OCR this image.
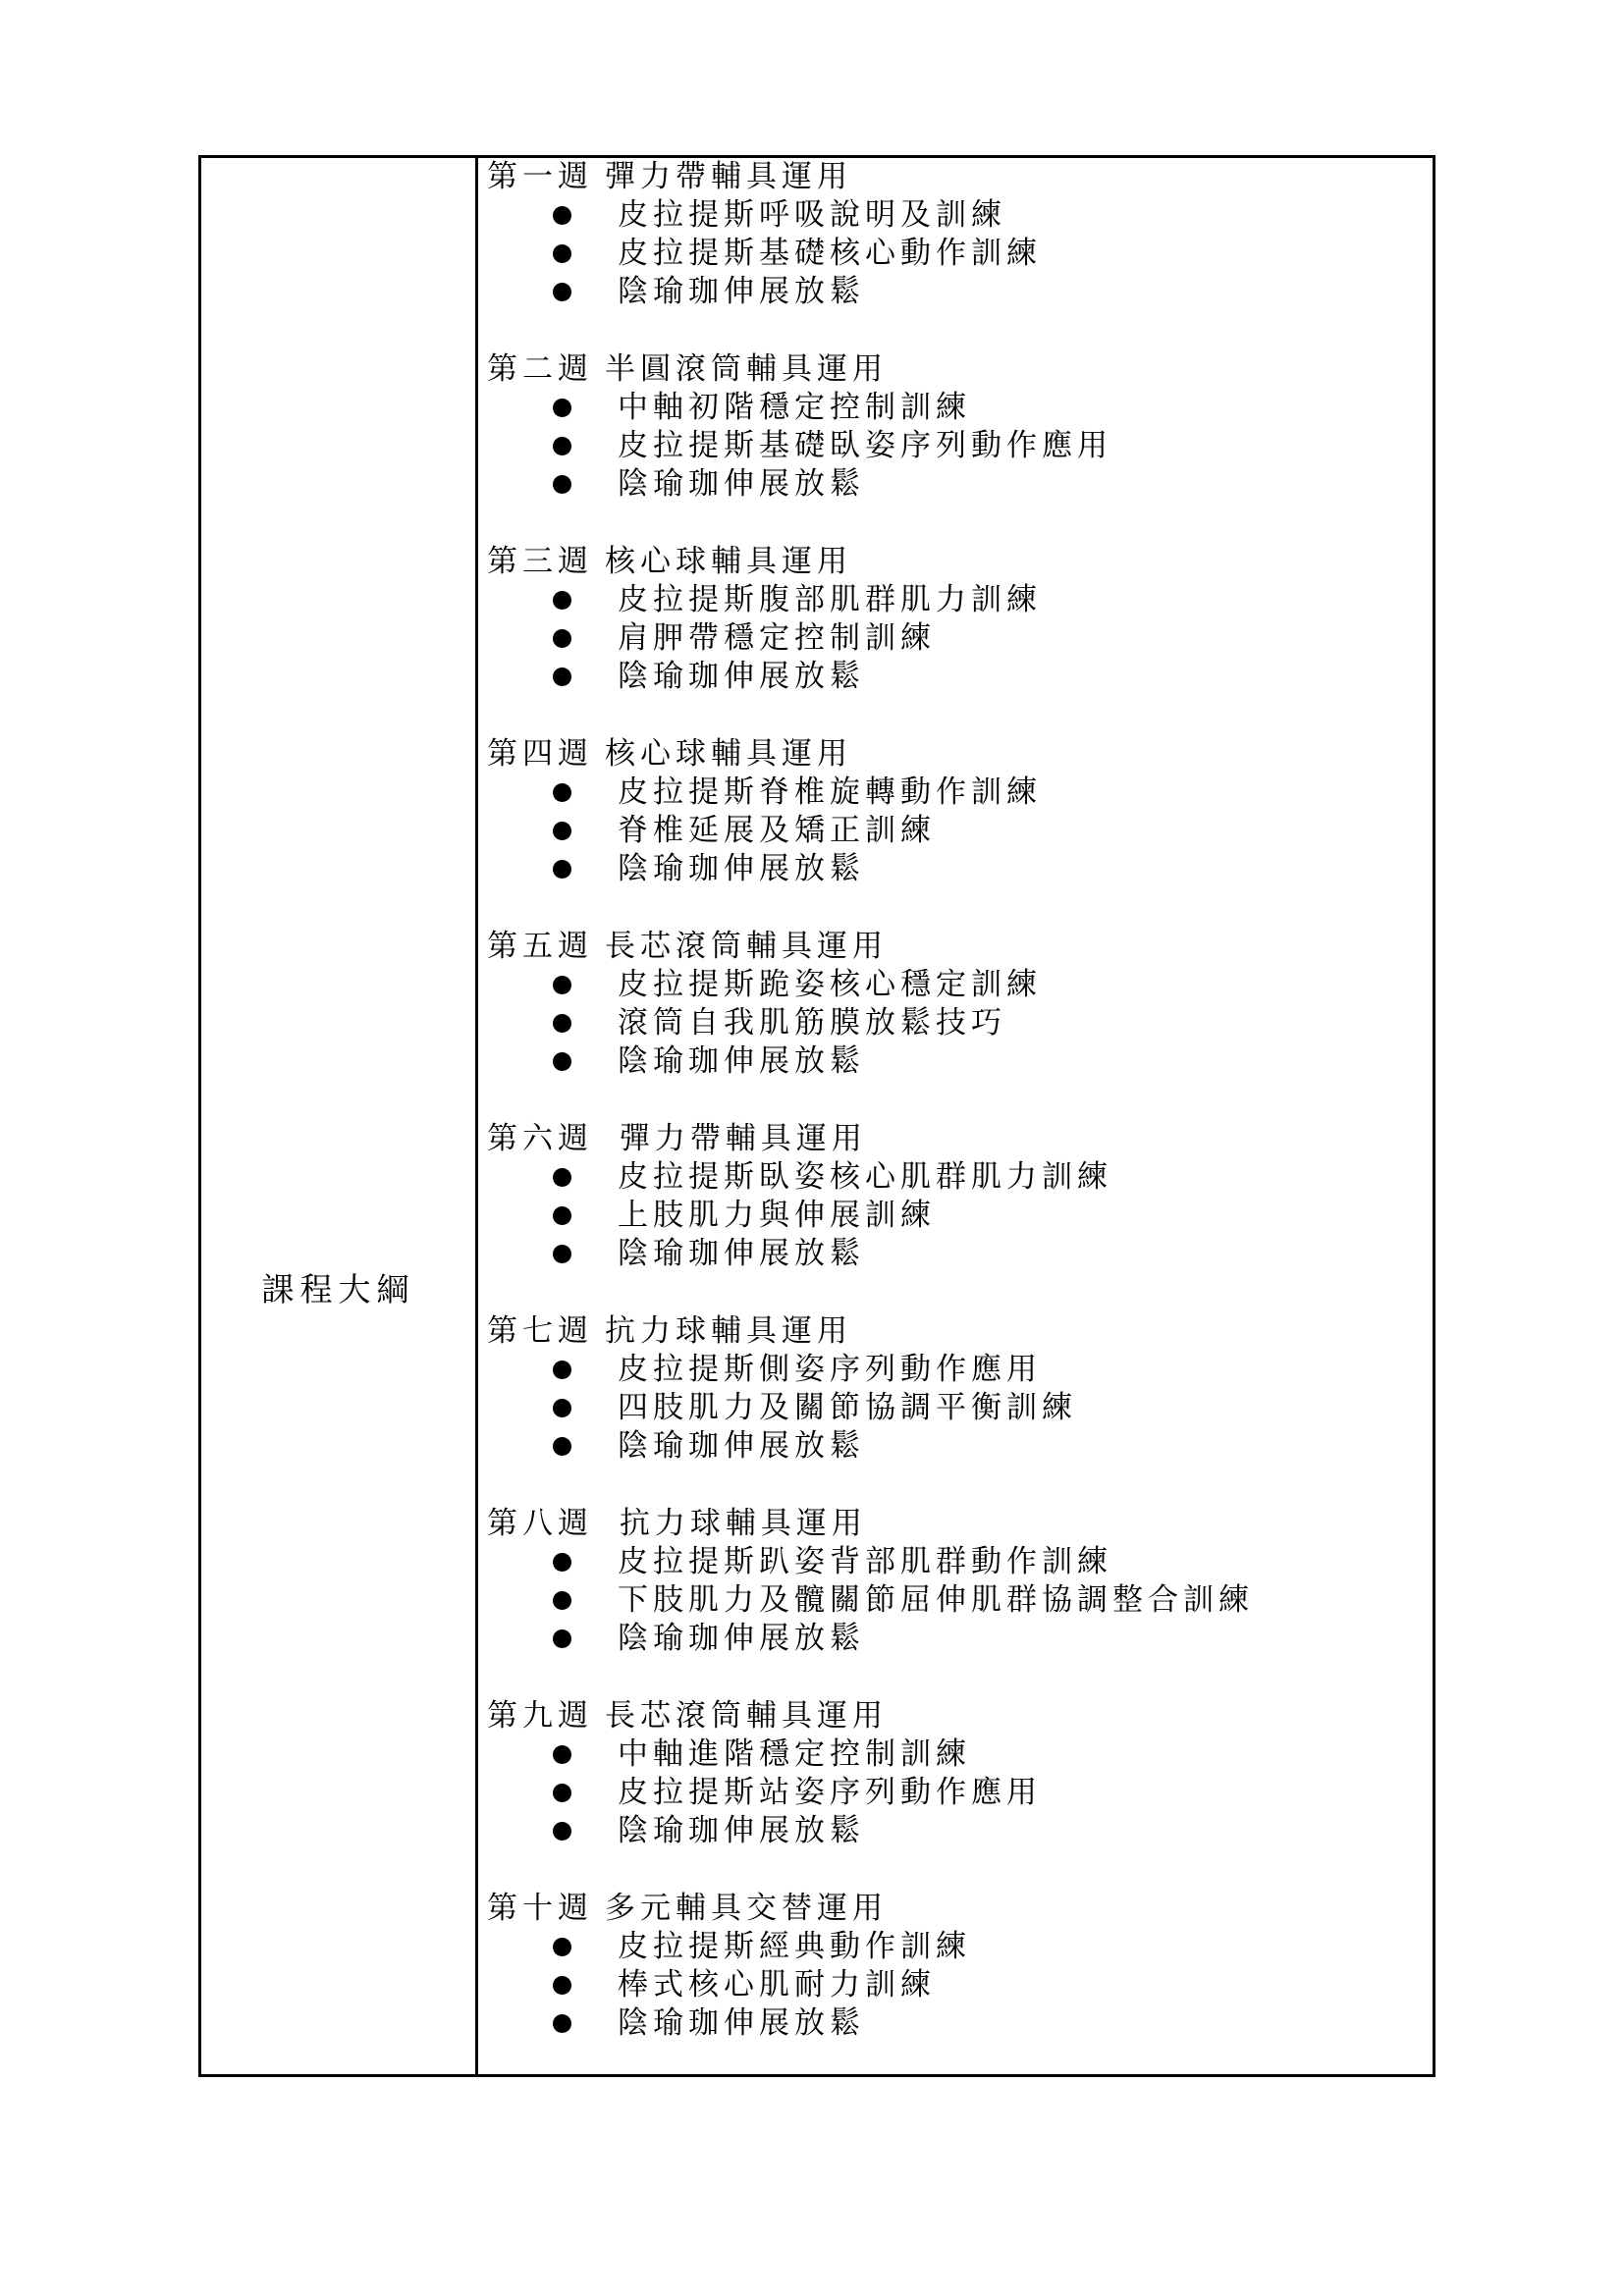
課程大綱
第一週 彈力帶輔具運用
皮拉提斯呼吸說明及訓練
皮拉提斯基礎核心動作訓練
陰瑜珈伸展放鬆
第二週 半圓滾筒輔具運用
中軸初階穩定控制訓練
皮拉提斯基礎臥姿序列動作應用
陰瑜珈伸展放鬆
第三週 核心球輔具運用
皮拉提斯腹部肌群肌力訓練
肩胛帶穩定控制訓練
陰瑜珈伸展放鬆
第四週 核心球輔具運用
皮拉提斯脊椎旋轉動作訓練
脊椎延展及矯正訓練
陰瑜珈伸展放鬆
第五週 長芯滾筒輔具運用
皮拉提斯跪姿核心穩定訓練
滾筒自我肌筋膜放鬆技巧
陰瑜珈伸展放鬆
第六週 彈力帶輔具運用
皮拉提斯臥姿核心肌群肌力訓練
上肢肌力與伸展訓練
陰瑜珈伸展放鬆
第七週 抗力球輔具運用
皮拉提斯側姿序列動作應用
四肢肌力及關節協調平衡訓練
陰瑜珈伸展放鬆
第八週 抗力球輔具運用
皮拉提斯趴姿背部肌群動作訓練
下肢肌力及髖關節屈伸肌群協調整合訓練
陰瑜珈伸展放鬆
第九週 長芯滾筒輔具運用
中軸進階穩定控制訓練
皮拉提斯站姿序列動作應用
陰瑜珈伸展放鬆
第十週 多元輔具交替運用
皮拉提斯經典動作訓練
棒式核心肌耐力訓練
陰瑜珈伸展放鬆
